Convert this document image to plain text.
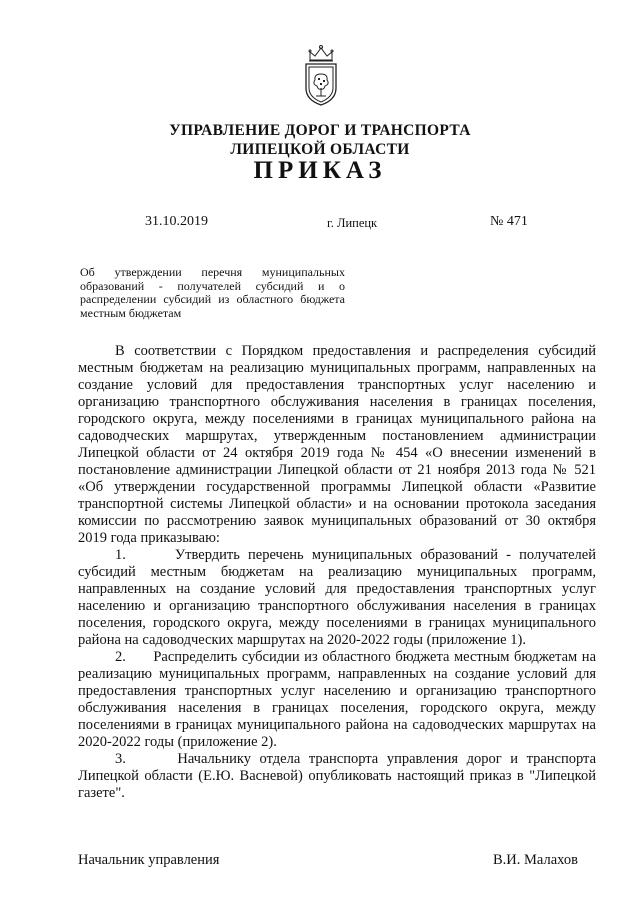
УПРАВЛЕНИЕ ДОРОГ И ТРАНСПОРТА
ЛИПЕЦКОЙ ОБЛАСТИ
ПРИКАЗ
31.10.2019	г. Липецк	№ 471
Об утверждении перечня муниципальных образований - получателей субсидий и о распределении субсидий из областного бюджета местным бюджетам

В соответствии с Порядком предоставления и распределения субсидий местным бюджетам на реализацию муниципальных программ, направленных на создание условий для предоставления транспортных услуг населению и организацию транспортного обслуживания населения в границах поселения, городского округа, между поселениями в границах муниципального района на садоводческих маршрутах, утвержденным постановлением администрации Липецкой области от 24 октября 2019 года № 454 «О внесении изменений в постановление администрации Липецкой области от 21 ноября 2013 года № 521 «Об утверждении государственной программы Липецкой области «Развитие транспортной системы Липецкой области» и на основании протокола заседания комиссии по рассмотрению заявок муниципальных образований от 30 октября 2019 года приказываю:

1.	Утвердить перечень муниципальных образований - получателей субсидий местным бюджетам на реализацию муниципальных программ, направленных на создание условий для предоставления транспортных услуг населению и организацию транспортного обслуживания населения в границах поселения, городского округа, между поселениями в границах муниципального района на садоводческих маршрутах на 2020-2022 годы (приложение 1).

2. Распределить субсидии из областного бюджета местным бюджетам на реализацию муниципальных программ, направленных на создание условий для предоставления транспортных услуг населению и организацию транспортного обслуживания населения в границах поселения, городского округа, между поселениями в границах муниципального района на садоводческих маршрутах на 2020-2022 годы (приложение 2).

3.	Начальнику отдела транспорта управления дорог и транспорта Липецкой области (Е.Ю. Васневой) опубликовать настоящий приказ в "Липецкой газете".

Начальник управления	В.И. Малахов
